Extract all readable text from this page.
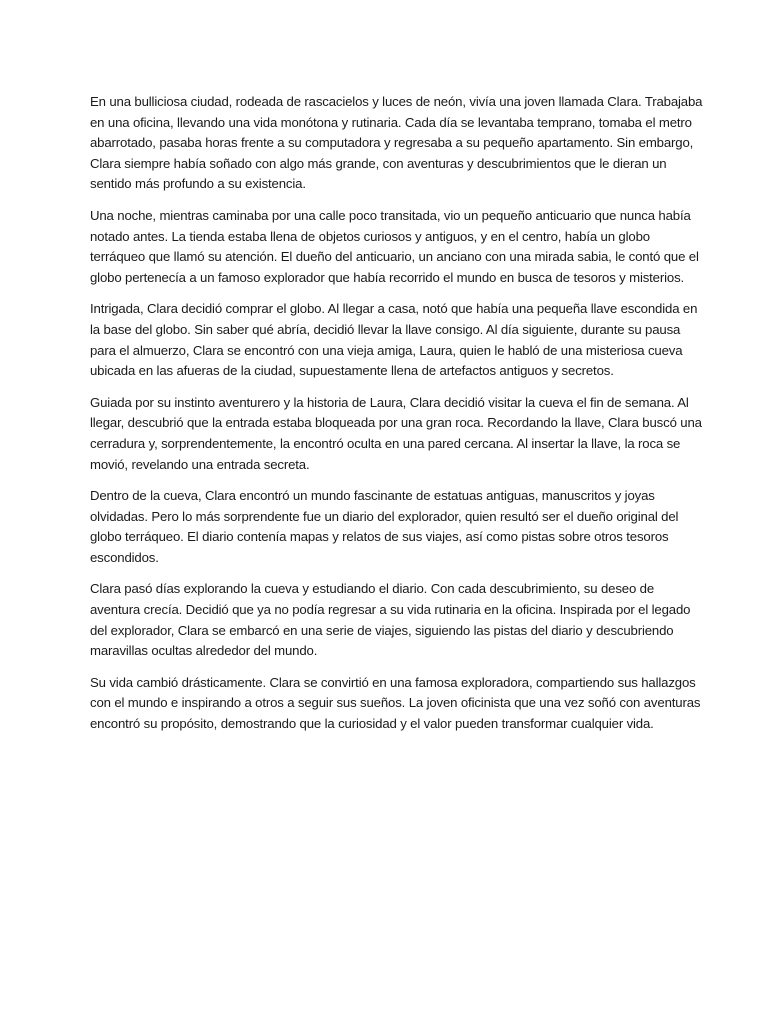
En una bulliciosa ciudad, rodeada de rascacielos y luces de neón, vivía una joven llamada Clara. Trabajaba en una oficina, llevando una vida monótona y rutinaria. Cada día se levantaba temprano, tomaba el metro abarrotado, pasaba horas frente a su computadora y regresaba a su pequeño apartamento. Sin embargo, Clara siempre había soñado con algo más grande, con aventuras y descubrimientos que le dieran un sentido más profundo a su existencia.

Una noche, mientras caminaba por una calle poco transitada, vio un pequeño anticuario que nunca había notado antes. La tienda estaba llena de objetos curiosos y antiguos, y en el centro, había un globo terráqueo que llamó su atención. El dueño del anticuario, un anciano con una mirada sabia, le contó que el globo pertenecía a un famoso explorador que había recorrido el mundo en busca de tesoros y misterios.

Intrigada, Clara decidió comprar el globo. Al llegar a casa, notó que había una pequeña llave escondida en la base del globo. Sin saber qué abría, decidió llevar la llave consigo. Al día siguiente, durante su pausa para el almuerzo, Clara se encontró con una vieja amiga, Laura, quien le habló de una misteriosa cueva ubicada en las afueras de la ciudad, supuestamente llena de artefactos antiguos y secretos.

Guiada por su instinto aventurero y la historia de Laura, Clara decidió visitar la cueva el fin de semana. Al llegar, descubrió que la entrada estaba bloqueada por una gran roca. Recordando la llave, Clara buscó una cerradura y, sorprendentemente, la encontró oculta en una pared cercana. Al insertar la llave, la roca se movió, revelando una entrada secreta.

Dentro de la cueva, Clara encontró un mundo fascinante de estatuas antiguas, manuscritos y joyas olvidadas. Pero lo más sorprendente fue un diario del explorador, quien resultó ser el dueño original del globo terráqueo. El diario contenía mapas y relatos de sus viajes, así como pistas sobre otros tesoros escondidos.

Clara pasó días explorando la cueva y estudiando el diario. Con cada descubrimiento, su deseo de aventura crecía. Decidió que ya no podía regresar a su vida rutinaria en la oficina. Inspirada por el legado del explorador, Clara se embarcó en una serie de viajes, siguiendo las pistas del diario y descubriendo maravillas ocultas alrededor del mundo.

Su vida cambió drásticamente. Clara se convirtió en una famosa exploradora, compartiendo sus hallazgos con el mundo e inspirando a otros a seguir sus sueños. La joven oficinista que una vez soñó con aventuras encontró su propósito, demostrando que la curiosidad y el valor pueden transformar cualquier vida.
